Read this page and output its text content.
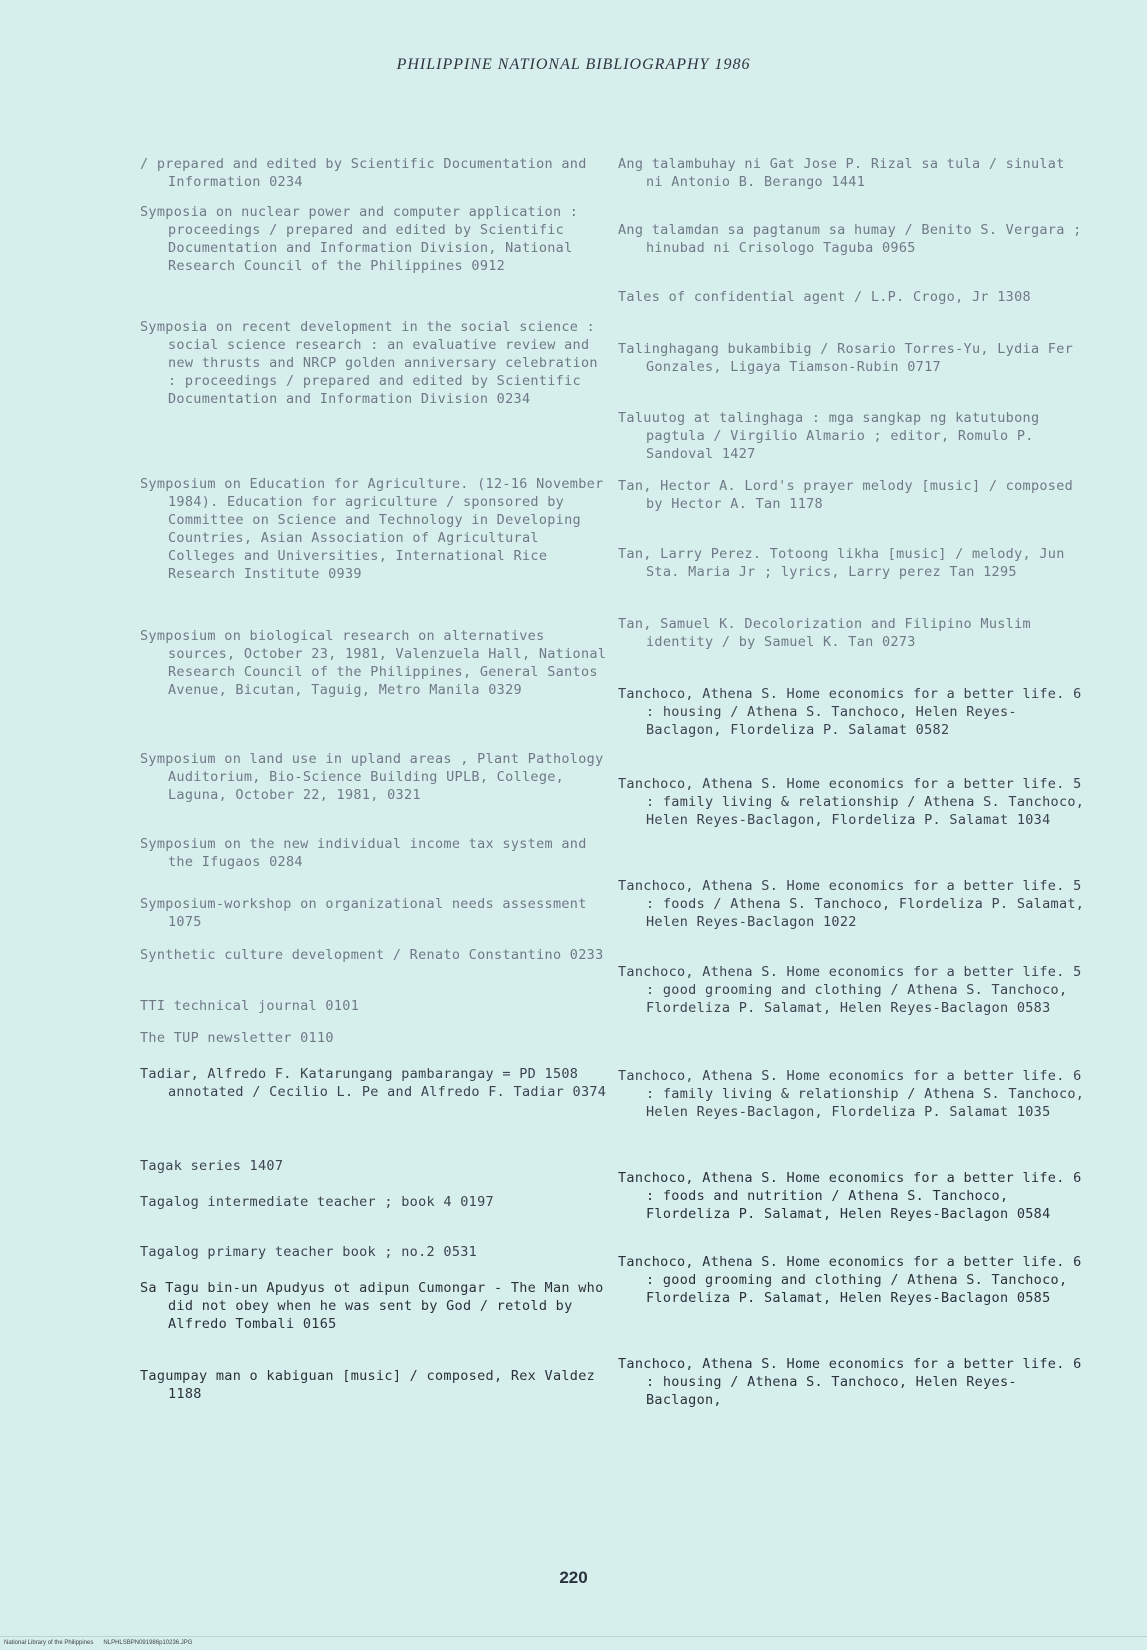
PHILIPPINE NATIONAL BIBLIOGRAPHY 1986

/ prepared and edited by Scientific Documentation and Information 0234

Symposia on nuclear power and computer application : proceedings / prepared and edited by Scientific Documentation and Information Division, National Research Council of the Philippines 0912

Symposia on recent development in the social science : social science research : an evaluative review and new thrusts and NRCP golden anniversary celebration : proceedings / prepared and edited by Scientific Documentation and Information Division 0234

Symposium on Education for Agriculture. (12-16 November 1984). Education for agriculture / sponsored by Committee on Science and Technology in Developing Countries, Asian Association of Agricultural Colleges and Universities, International Rice Research Institute 0939

Symposium on biological research on alternatives sources, October 23, 1981, Valenzuela Hall, National Research Council of the Philippines, General Santos Avenue, Bicutan, Taguig, Metro Manila 0329

Symposium on land use in upland areas , Plant Pathology Auditorium, Bio-Science Building UPLB, College, Laguna, October 22, 1981, 0321

Symposium on the new individual income tax system and the Ifugaos 0284

Symposium-workshop on organizational needs assessment 1075

Synthetic culture development / Renato Constantino 0233

TTI technical journal 0101

The TUP newsletter 0110

Tadiar, Alfredo F. Katarungang pambarangay = PD 1508 annotated / Cecilio L. Pe and Alfredo F. Tadiar 0374

Tagak series 1407

Tagalog intermediate teacher ; book 4 0197

Tagalog primary teacher book ; no.2 0531

Sa Tagu bin-un Apudyus ot adipun Cumongar - The Man who did not obey when he was sent by God / retold by Alfredo Tombali 0165

Tagumpay man o kabiguan [music] / composed, Rex Valdez 1188

Ang talambuhay ni Gat Jose P. Rizal sa tula / sinulat ni Antonio B. Berango 1441

Ang talamdan sa pagtanum sa humay / Benito S. Vergara ; hinubad ni Crisologo Taguba 0965

Tales of confidential agent / L.P. Crogo, Jr 1308

Talinghagang bukambibig / Rosario Torres-Yu, Lydia Fer Gonzales, Ligaya Tiamson-Rubin 0717

Taluutog at talinghaga : mga sangkap ng katutubong pagtula / Virgilio Almario ; editor, Romulo P. Sandoval 1427

Tan, Hector A. Lord's prayer melody [music] / composed by Hector A. Tan 1178

Tan, Larry Perez. Totoong likha [music] / melody, Jun Sta. Maria Jr ; lyrics, Larry perez Tan 1295

Tan, Samuel K. Decolorization and Filipino Muslim identity / by Samuel K. Tan 0273

Tanchoco, Athena S. Home economics for a better life. 6 : housing / Athena S. Tanchoco, Helen Reyes-Baclagon, Flordeliza P. Salamat 0582

Tanchoco, Athena S. Home economics for a better life. 5 : family living & relationship / Athena S. Tanchoco, Helen Reyes-Baclagon, Flordeliza P. Salamat 1034

Tanchoco, Athena S. Home economics for a better life. 5 : foods / Athena S. Tanchoco, Flordeliza P. Salamat, Helen Reyes-Baclagon 1022

Tanchoco, Athena S. Home economics for a better life. 5 : good grooming and clothing / Athena S. Tanchoco, Flordeliza P. Salamat, Helen Reyes-Baclagon 0583

Tanchoco, Athena S. Home economics for a better life. 6 : family living & relationship / Athena S. Tanchoco, Helen Reyes-Baclagon, Flordeliza P. Salamat 1035

Tanchoco, Athena S. Home economics for a better life. 6 : foods and nutrition / Athena S. Tanchoco, Flordeliza P. Salamat, Helen Reyes-Baclagon 0584

Tanchoco, Athena S. Home economics for a better life. 6 : good grooming and clothing / Athena S. Tanchoco, Flordeliza P. Salamat, Helen Reyes-Baclagon 0585

Tanchoco, Athena S. Home economics for a better life. 6 : housing / Athena S. Tanchoco, Helen Reyes-Baclagon,

220
National Library of the Philippines NLPHLSBPN091986p10236.JPG
